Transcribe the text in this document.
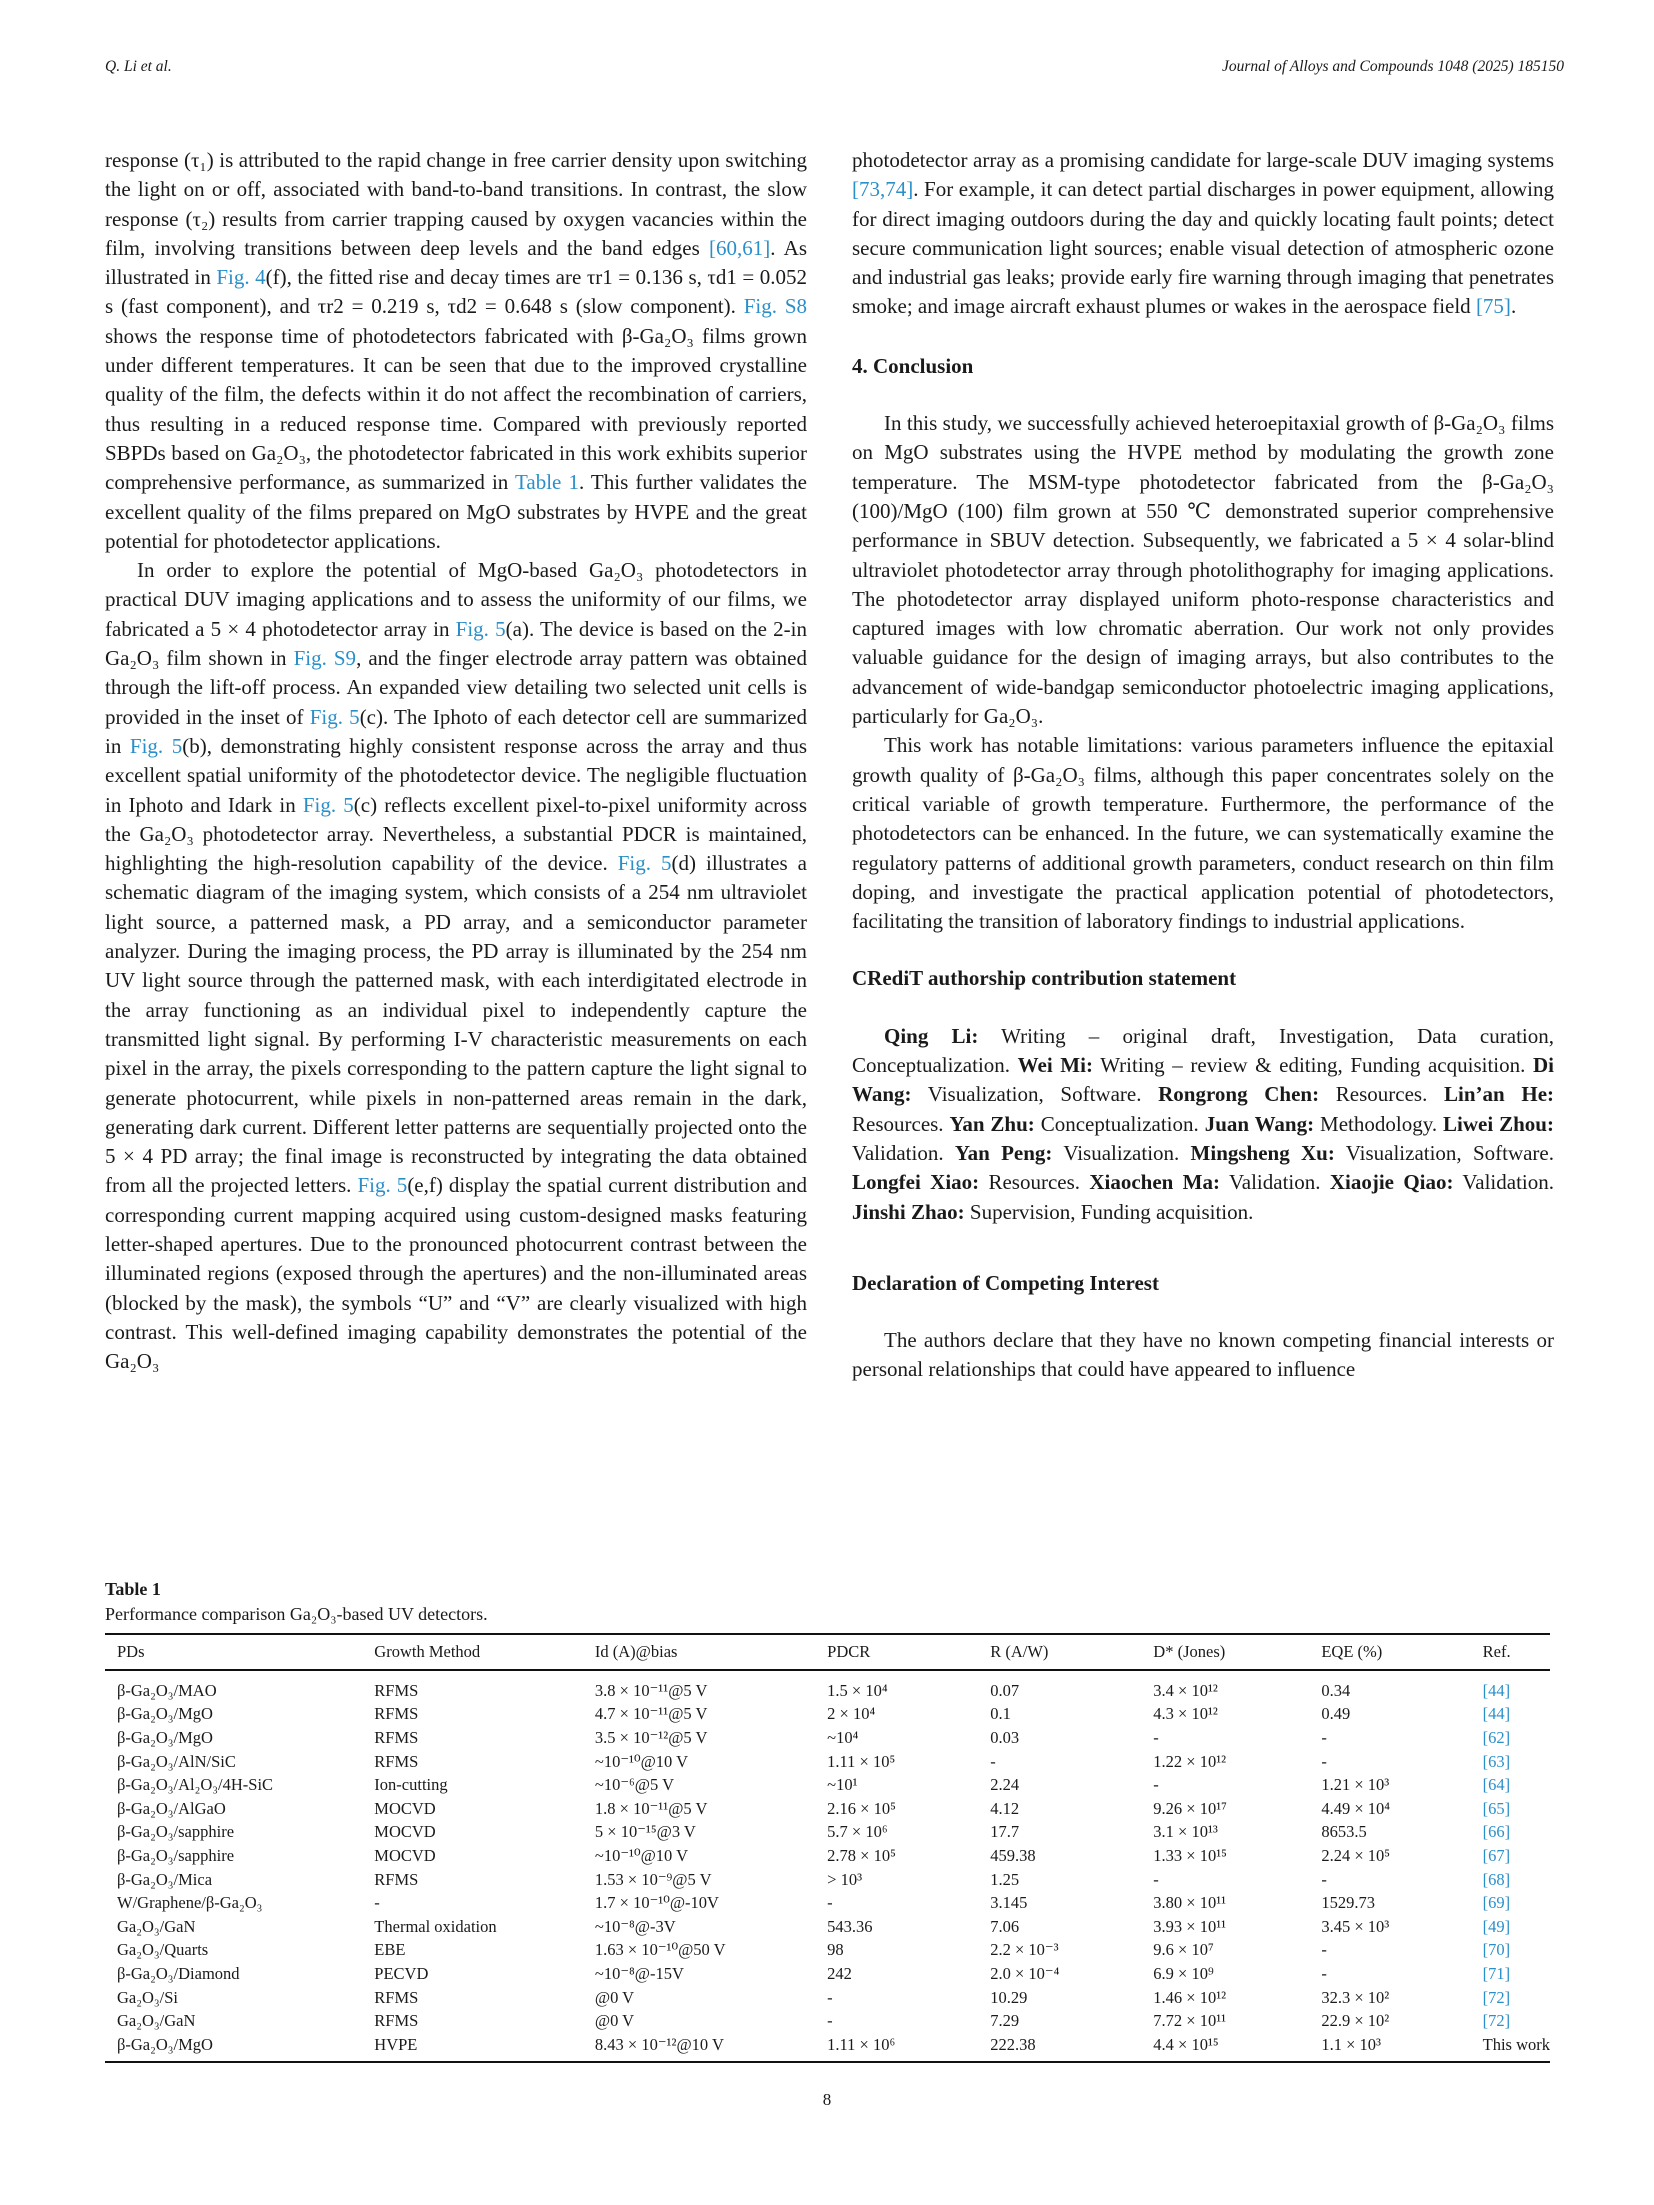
Q. Li et al.	Journal of Alloys and Compounds 1048 (2025) 185150

response (τ₁) is attributed to the rapid change in free carrier density upon switching the light on or off, associated with band-to-band transitions. In contrast, the slow response (τ₂) results from carrier trapping caused by oxygen vacancies within the film, involving transitions between deep levels and the band edges [60,61]. As illustrated in Fig. 4(f), the fitted rise and decay times are τr1 = 0.136 s, τd1 = 0.052 s (fast component), and τr2 = 0.219 s, τd2 = 0.648 s (slow component). Fig. S8 shows the response time of photodetectors fabricated with β-Ga₂O₃ films grown under different temperatures. It can be seen that due to the improved crystalline quality of the film, the defects within it do not affect the recombination of carriers, thus resulting in a reduced response time. Compared with previously reported SBPDs based on Ga₂O₃, the photodetector fabricated in this work exhibits superior comprehensive performance, as summarized in Table 1. This further validates the excellent quality of the films prepared on MgO substrates by HVPE and the great potential for photodetector applications.

In order to explore the potential of MgO-based Ga₂O₃ photodetectors in practical DUV imaging applications and to assess the uniformity of our films, we fabricated a 5 × 4 photodetector array in Fig. 5(a). The device is based on the 2-in Ga₂O₃ film shown in Fig. S9, and the finger electrode array pattern was obtained through the lift-off process. An expanded view detailing two selected unit cells is provided in the inset of Fig. 5(c). The Iphoto of each detector cell are summarized in Fig. 5(b), demonstrating highly consistent response across the array and thus excellent spatial uniformity of the photodetector device. The negligible fluctuation in Iphoto and Idark in Fig. 5(c) reflects excellent pixel-to-pixel uniformity across the Ga₂O₃ photodetector array. Nevertheless, a substantial PDCR is maintained, highlighting the high-resolution capability of the device. Fig. 5(d) illustrates a schematic diagram of the imaging system, which consists of a 254 nm ultraviolet light source, a patterned mask, a PD array, and a semiconductor parameter analyzer. During the imaging process, the PD array is illuminated by the 254 nm UV light source through the patterned mask, with each interdigitated electrode in the array functioning as an individual pixel to independently capture the transmitted light signal. By performing I-V characteristic measurements on each pixel in the array, the pixels corresponding to the pattern capture the light signal to generate photocurrent, while pixels in non-patterned areas remain in the dark, generating dark current. Different letter patterns are sequentially projected onto the 5 × 4 PD array; the final image is reconstructed by integrating the data obtained from all the projected letters. Fig. 5(e,f) display the spatial current distribution and corresponding current mapping acquired using custom-designed masks featuring letter-shaped apertures. Due to the pronounced photocurrent contrast between the illuminated regions (exposed through the apertures) and the non-illuminated areas (blocked by the mask), the symbols “U” and “V” are clearly visualized with high contrast. This well-defined imaging capability demonstrates the potential of the Ga₂O₃

photodetector array as a promising candidate for large-scale DUV imaging systems [73,74]. For example, it can detect partial discharges in power equipment, allowing for direct imaging outdoors during the day and quickly locating fault points; detect secure communication light sources; enable visual detection of atmospheric ozone and industrial gas leaks; provide early fire warning through imaging that penetrates smoke; and image aircraft exhaust plumes or wakes in the aerospace field [75].

4. Conclusion

In this study, we successfully achieved heteroepitaxial growth of β-Ga₂O₃ films on MgO substrates using the HVPE method by modulating the growth zone temperature. The MSM-type photodetector fabricated from the β-Ga₂O₃ (100)/MgO (100) film grown at 550 ℃ demonstrated superior comprehensive performance in SBUV detection. Subsequently, we fabricated a 5 × 4 solar-blind ultraviolet photodetector array through photolithography for imaging applications. The photodetector array displayed uniform photo-response characteristics and captured images with low chromatic aberration. Our work not only provides valuable guidance for the design of imaging arrays, but also contributes to the advancement of wide-bandgap semiconductor photoelectric imaging applications, particularly for Ga₂O₃.

This work has notable limitations: various parameters influence the epitaxial growth quality of β-Ga₂O₃ films, although this paper concentrates solely on the critical variable of growth temperature. Furthermore, the performance of the photodetectors can be enhanced. In the future, we can systematically examine the regulatory patterns of additional growth parameters, conduct research on thin film doping, and investigate the practical application potential of photodetectors, facilitating the transition of laboratory findings to industrial applications.

CRediT authorship contribution statement

Qing Li: Writing – original draft, Investigation, Data curation, Conceptualization. Wei Mi: Writing – review & editing, Funding acquisition. Di Wang: Visualization, Software. Rongrong Chen: Resources. Lin’an He: Resources. Yan Zhu: Conceptualization. Juan Wang: Methodology. Liwei Zhou: Validation. Yan Peng: Visualization. Mingsheng Xu: Visualization, Software. Longfei Xiao: Resources. Xiaochen Ma: Validation. Xiaojie Qiao: Validation. Jinshi Zhao: Supervision, Funding acquisition.

Declaration of Competing Interest

The authors declare that they have no known competing financial interests or personal relationships that could have appeared to influence

Table 1
Performance comparison Ga₂O₃-based UV detectors.
PDs	Growth Method	Id (A)@bias	PDCR	R (A/W)	D* (Jones)	EQE (%)	Ref.
β-Ga₂O₃/MAO	RFMS	3.8 × 10⁻¹¹@5 V	1.5 × 10⁴	0.07	3.4 × 10¹²	0.34	[44]
β-Ga₂O₃/MgO	RFMS	4.7 × 10⁻¹¹@5 V	2 × 10⁴	0.1	4.3 × 10¹²	0.49	[44]
β-Ga₂O₃/MgO	RFMS	3.5 × 10⁻¹²@5 V	~10⁴	0.03	-	-	[62]
β-Ga₂O₃/AlN/SiC	RFMS	~10⁻¹⁰@10 V	1.11 × 10⁵	-	1.22 × 10¹²	-	[63]
β-Ga₂O₃/Al₂O₃/4H-SiC	Ion-cutting	~10⁻⁶@5 V	~10¹	2.24	-	1.21 × 10³	[64]
β-Ga₂O₃/AlGaO	MOCVD	1.8 × 10⁻¹¹@5 V	2.16 × 10⁵	4.12	9.26 × 10¹⁷	4.49 × 10⁴	[65]
β-Ga₂O₃/sapphire	MOCVD	5 × 10⁻¹⁵@3 V	5.7 × 10⁶	17.7	3.1 × 10¹³	8653.5	[66]
β-Ga₂O₃/sapphire	MOCVD	~10⁻¹⁰@10 V	2.78 × 10⁵	459.38	1.33 × 10¹⁵	2.24 × 10⁵	[67]
β-Ga₂O₃/Mica	RFMS	1.53 × 10⁻⁹@5 V	> 10³	1.25	-	-	[68]
W/Graphene/β-Ga₂O₃	-	1.7 × 10⁻¹⁰@-10V	-	3.145	3.80 × 10¹¹	1529.73	[69]
Ga₂O₃/GaN	Thermal oxidation	~10⁻⁸@-3V	543.36	7.06	3.93 × 10¹¹	3.45 × 10³	[49]
Ga₂O₃/Quarts	EBE	1.63 × 10⁻¹⁰@50 V	98	2.2 × 10⁻³	9.6 × 10⁷	-	[70]
β-Ga₂O₃/Diamond	PECVD	~10⁻⁸@-15V	242	2.0 × 10⁻⁴	6.9 × 10⁹	-	[71]
Ga₂O₃/Si	RFMS	@0 V	-	10.29	1.46 × 10¹²	32.3 × 10²	[72]
Ga₂O₃/GaN	RFMS	@0 V	-	7.29	7.72 × 10¹¹	22.9 × 10²	[72]
β-Ga₂O₃/MgO	HVPE	8.43 × 10⁻¹²@10 V	1.11 × 10⁶	222.38	4.4 × 10¹⁵	1.1 × 10³	This work
8
